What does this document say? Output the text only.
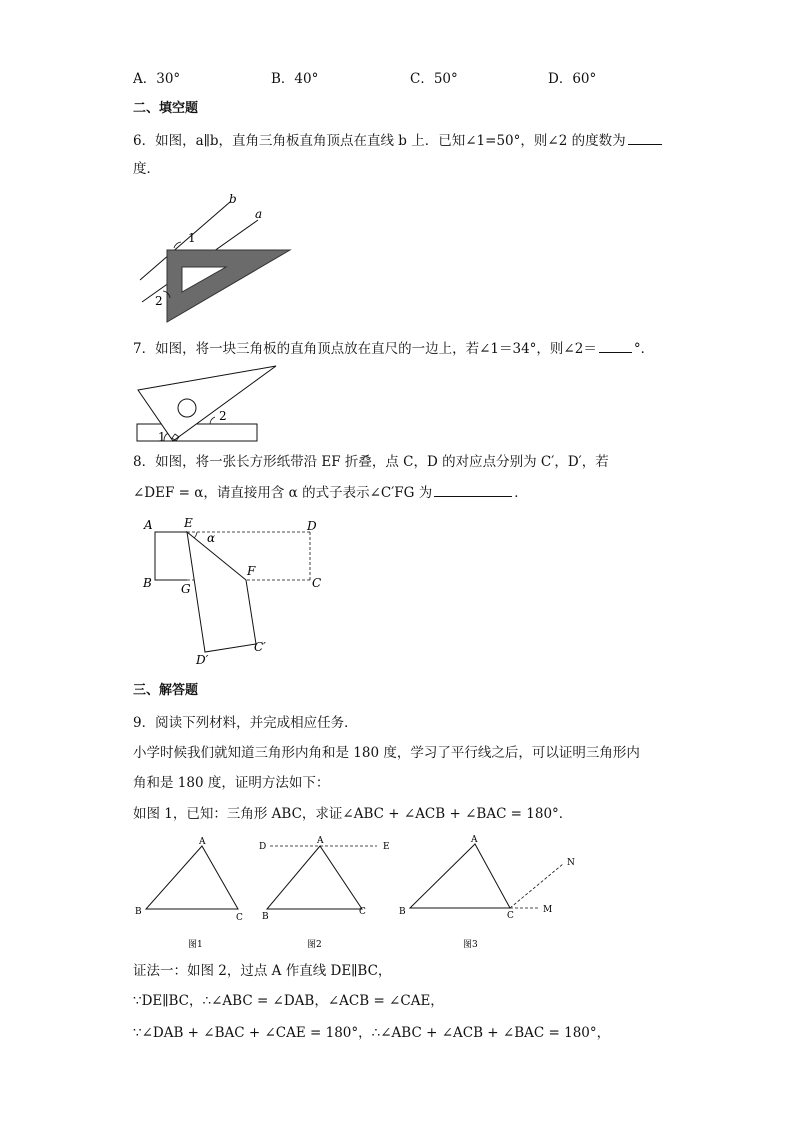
A．30°	B．40°	C．50°	D．60°
二、填空题
6．如图，a∥b，直角三角板直角顶点在直线 b 上．已知∠1=50°，则∠2 的度数为
度．
b
a
1
2
7．如图，将一块三角板的直角顶点放在直尺的一边上，若∠1＝34°，则∠2＝	°．
2
1
8．如图，将一张长方形纸带沿 EF 折叠，点 C，D 的对应点分别为 C′，D′，若
∠DEF = α，请直接用含 α 的式子表示∠C′FG 为	．
A	E	D
α
F
B G	C
D′
C′
三、解答题
9．阅读下列材料，并完成相应任务．
小学时候我们就知道三角形内角和是 180 度，学习了平行线之后，可以证明三角形内
角和是 180 度，证明方法如下：
如图 1，已知：三角形 ABC，求证∠ABC + ∠ACB + ∠BAC = 180°．
A
B
C
图1
D
A
E
B	C
图2
A
N
B	C
M
图3
证法一：如图 2，过点 A 作直线 DE∥BC，
∵DE∥BC，∴∠ABC = ∠DAB，∠ACB = ∠CAE，
∵∠DAB + ∠BAC + ∠CAE = 180°，∴∠ABC + ∠ACB + ∠BAC = 180°，
